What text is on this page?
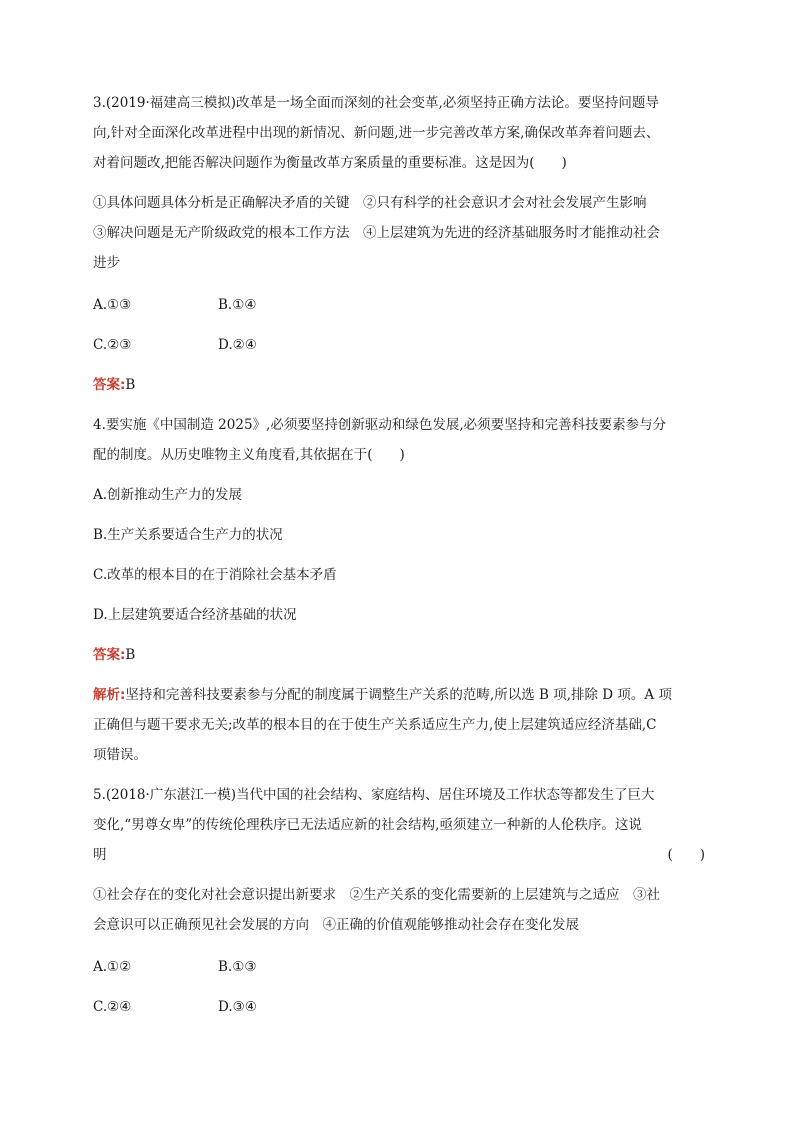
3.(2019·福建高三模拟)改革是一场全面而深刻的社会变革,必须坚持正确方法论。要坚持问题导
向,针对全面深化改革进程中出现的新情况、新问题,进一步完善改革方案,确保改革奔着问题去、
对着问题改,把能否解决问题作为衡量改革方案质量的重要标准。这是因为(　　)

①具体问题具体分析是正确解决矛盾的关键　②只有科学的社会意识才会对社会发展产生影响
③解决问题是无产阶级政党的根本工作方法　④上层建筑为先进的经济基础服务时才能推动社会
进步

A.①③	B.①④
C.②③	D.②④

答案:B

4.要实施《中国制造 2025》,必须要坚持创新驱动和绿色发展,必须要坚持和完善科技要素参与分
配的制度。从历史唯物主义角度看,其依据在于(　　)

A.创新推动生产力的发展

B.生产关系要适合生产力的状况

C.改革的根本目的在于消除社会基本矛盾

D.上层建筑要适合经济基础的状况

答案:B

解析:坚持和完善科技要素参与分配的制度属于调整生产关系的范畴,所以选 B 项,排除 D 项。A 项
正确但与题干要求无关;改革的根本目的在于使生产关系适应生产力,使上层建筑适应经济基础,C
项错误。

5.(2018·广东湛江一模)当代中国的社会结构、家庭结构、居住环境及工作状态等都发生了巨大
变化,“男尊女卑”的传统伦理秩序已无法适应新的社会结构,亟须建立一种新的人伦秩序。这说

明	(　　)

①社会存在的变化对社会意识提出新要求　②生产关系的变化需要新的上层建筑与之适应　③社
会意识可以正确预见社会发展的方向　④正确的价值观能够推动社会存在变化发展

A.①②	B.①③
C.②④	D.③④
